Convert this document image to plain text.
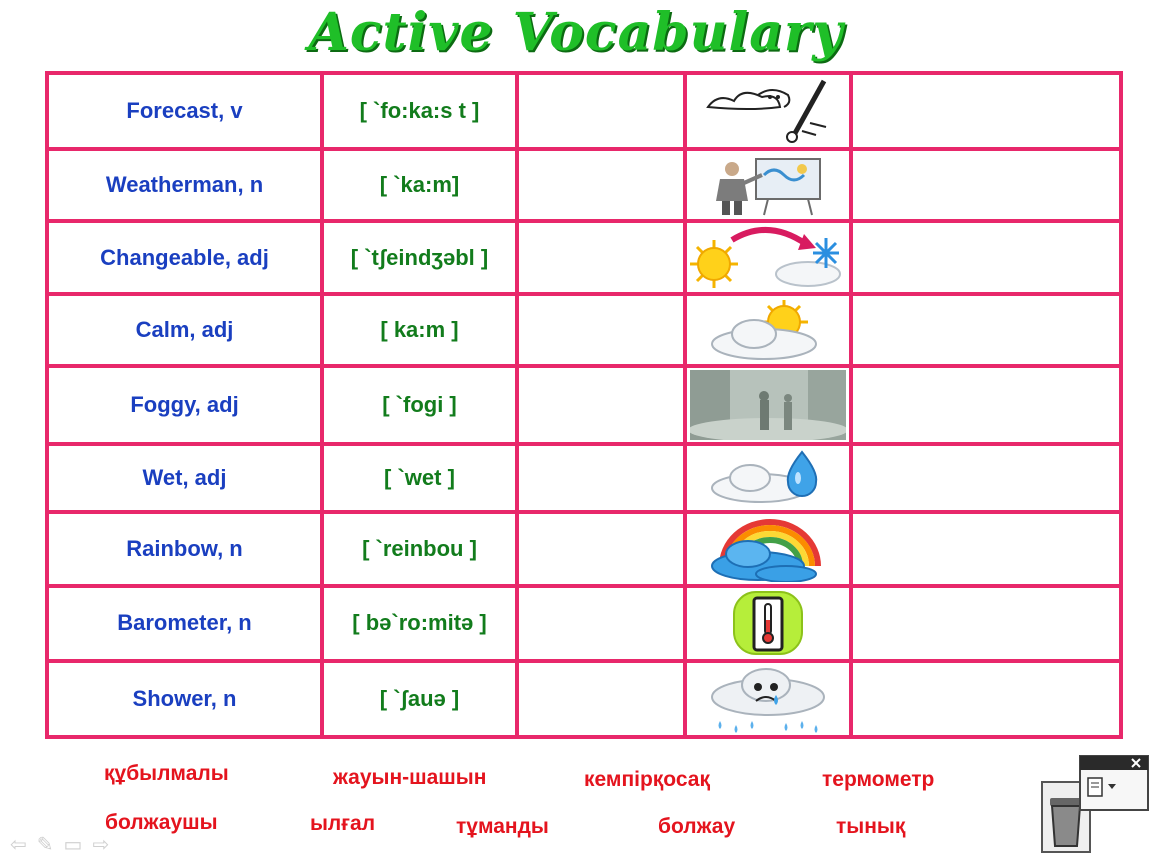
Active Vocabulary
Forecast, v	[ `fo:ka:s t ]		

Weatherman, n	[ `ka:m]		

Changeable, adj	[ `tʃeindʒəbl ]		

Calm, adj	[ ka:m ]		

Foggy, adj	[ `fogi ]		

Wet, adj	[ `wet ]		

Rainbow, n	[ `reinbou ]		

Barometer, n	[ bə`ro:mitə ]		

Shower, n	[ `ʃauə ]		

құбылмалы	жауын-шашын	кемпірқосақ	термометр
болжаушы	ылғал	тұманды	болжау	тынық
⇦ ✎ ▭ ⇨
